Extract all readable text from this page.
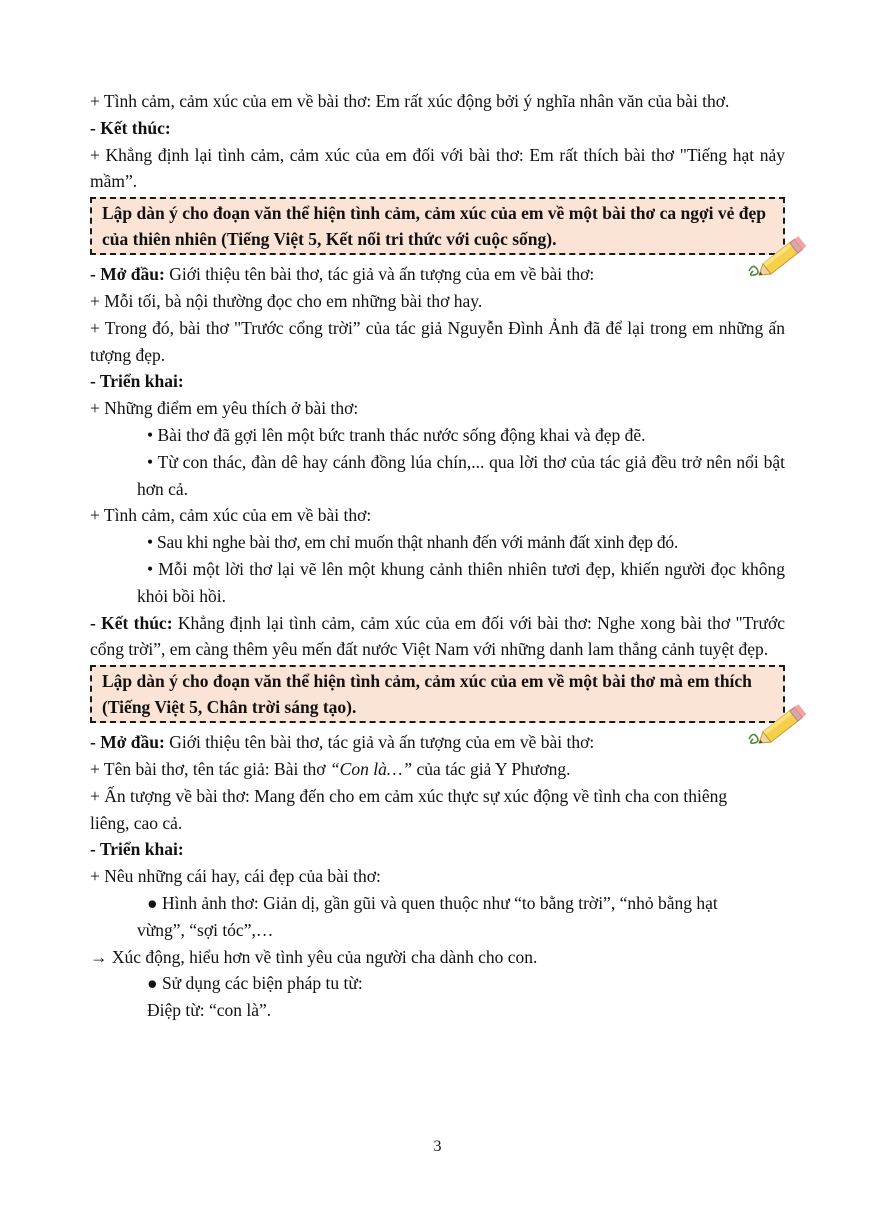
+ Tình cảm, cảm xúc của em về bài thơ: Em rất xúc động bởi ý nghĩa nhân văn của bài thơ.

- Kết thúc:

+ Khẳng định lại tình cảm, cảm xúc của em đối với bài thơ: Em rất thích bài thơ "Tiếng hạt nảy mầm”.

Lập dàn ý cho đoạn văn thể hiện tình cảm, cảm xúc của em về một bài thơ ca ngợi vẻ đẹp của thiên nhiên (Tiếng Việt 5, Kết nối tri thức với cuộc sống).

- Mở đầu: Giới thiệu tên bài thơ, tác giả và ấn tượng của em về bài thơ:

+ Mỗi tối, bà nội thường đọc cho em những bài thơ hay.

+ Trong đó, bài thơ "Trước cổng trời” của tác giả Nguyễn Đình Ảnh đã để lại trong em những ấn tượng đẹp.

- Triển khai:

+ Những điểm em yêu thích ở bài thơ:

• Bài thơ đã gợi lên một bức tranh thác nước sống động khai và đẹp đẽ.

• Từ con thác, đàn dê hay cánh đồng lúa chín,... qua lời thơ của tác giả đều trở nên nổi bật hơn cả.

+ Tình cảm, cảm xúc của em về bài thơ:

• Sau khi nghe bài thơ, em chỉ muốn thật nhanh đến với mảnh đất xinh đẹp đó.

• Mỗi một lời thơ lại vẽ lên một khung cảnh thiên nhiên tươi đẹp, khiến người đọc không khỏi bồi hồi.

- Kết thúc: Khẳng định lại tình cảm, cảm xúc của em đối với bài thơ: Nghe xong bài thơ "Trước cổng trời”, em càng thêm yêu mến đất nước Việt Nam với những danh lam thắng cảnh tuyệt đẹp.

Lập dàn ý cho đoạn văn thể hiện tình cảm, cảm xúc của em về một bài thơ mà em thích (Tiếng Việt 5, Chân trời sáng tạo).

- Mở đầu: Giới thiệu tên bài thơ, tác giả và ấn tượng của em về bài thơ:

+ Tên bài thơ, tên tác giả: Bài thơ “Con là…” của tác giả Y Phương.

+ Ấn tượng về bài thơ: Mang đến cho em cảm xúc thực sự xúc động về tình cha con thiêng liêng, cao cả.

- Triển khai:

+ Nêu những cái hay, cái đẹp của bài thơ:

● Hình ảnh thơ: Giản dị, gần gũi và quen thuộc như “to bằng trời”, “nhỏ bằng hạt vừng”, “sợi tóc”,…

→ Xúc động, hiểu hơn về tình yêu của người cha dành cho con.

● Sử dụng các biện pháp tu từ:

Điệp từ: “con là”.

3
